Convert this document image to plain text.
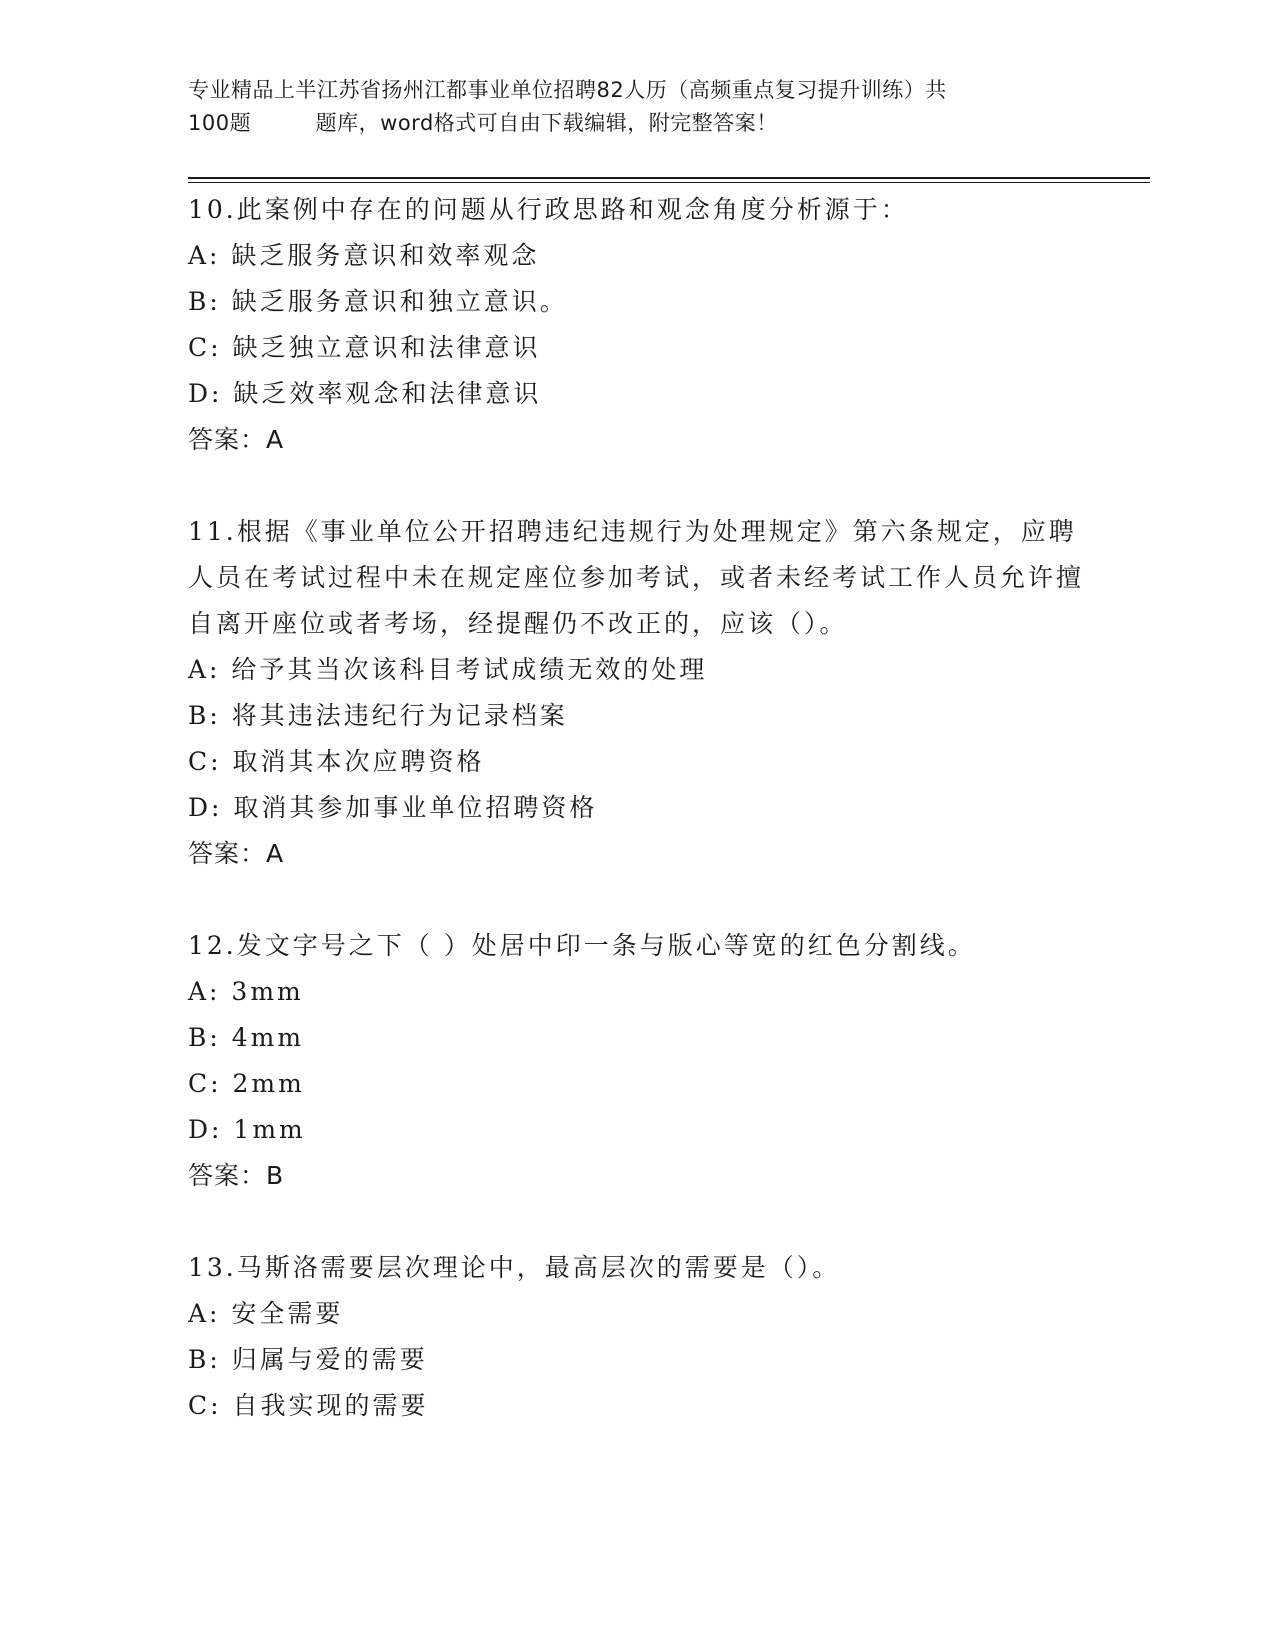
专业精品上半江苏省扬州江都事业单位招聘82人历（高频重点复习提升训练）共
100题         题库，word格式可自由下载编辑，附完整答案！

10.此案例中存在的问题从行政思路和观念角度分析源于：

A: 缺乏服务意识和效率观念

B: 缺乏服务意识和独立意识。

C: 缺乏独立意识和法律意识

D: 缺乏效率观念和法律意识

答案：A

11.根据《事业单位公开招聘违纪违规行为处理规定》第六条规定，应聘人员在考试过程中未在规定座位参加考试，或者未经考试工作人员允许擅自离开座位或者考场，经提醒仍不改正的，应该（）。

A: 给予其当次该科目考试成绩无效的处理

B: 将其违法违纪行为记录档案

C: 取消其本次应聘资格

D: 取消其参加事业单位招聘资格

答案：A

12.发文字号之下（ ）处居中印一条与版心等宽的红色分割线。

A: 3mm

B: 4mm

C: 2mm

D: 1mm

答案：B

13.马斯洛需要层次理论中，最高层次的需要是（）。

A: 安全需要

B: 归属与爱的需要

C: 自我实现的需要
